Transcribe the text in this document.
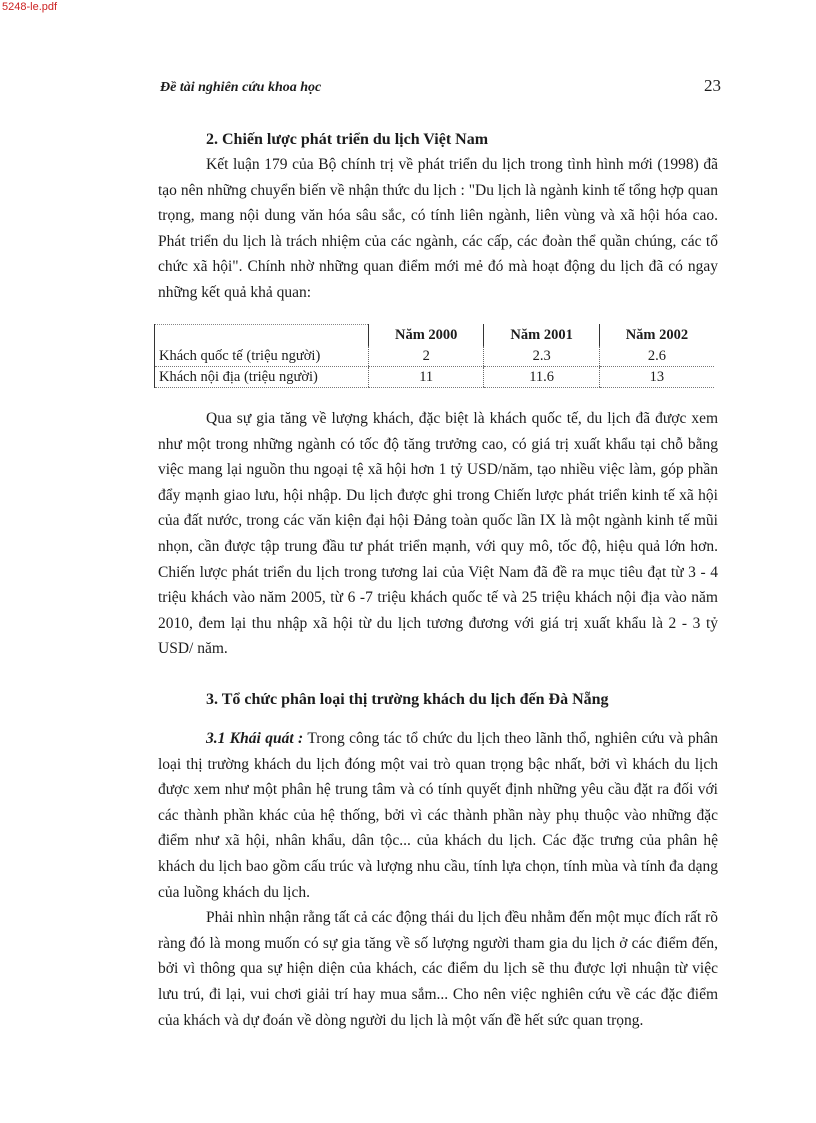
5248-le.pdf
Đề tài nghiên cứu khoa học	23
2. Chiến lược phát triển du lịch Việt Nam

Kết luận 179 của Bộ chính trị về phát triển du lịch trong tình hình mới (1998) đã tạo nên những chuyển biến về nhận thức du lịch : "Du lịch là ngành kinh tế tổng hợp quan trọng, mang nội dung văn hóa sâu sắc, có tính liên ngành, liên vùng và xã hội hóa cao. Phát triển du lịch là trách nhiệm của các ngành, các cấp, các đoàn thể quần chúng, các tổ chức xã hội". Chính nhờ những quan điểm mới mẻ đó mà hoạt động du lịch đã có ngay những kết quả khả quan:

	Năm 2000	Năm 2001	Năm 2002
Khách quốc tế (triệu người)	2	2.3	2.6
Khách nội địa (triệu người)	11	11.6	13

Qua sự gia tăng về lượng khách, đặc biệt là khách quốc tế, du lịch đã được xem như một trong những ngành có tốc độ tăng trưởng cao, có giá trị xuất khẩu tại chỗ bằng việc mang lại nguồn thu ngoại tệ xã hội hơn 1 tỷ USD/năm, tạo nhiều việc làm, góp phần đẩy mạnh giao lưu, hội nhập. Du lịch được ghi trong Chiến lược phát triển kinh tế xã hội của đất nước, trong các văn kiện đại hội Đảng toàn quốc lần IX là một ngành kinh tế mũi nhọn, cần được tập trung đầu tư phát triển mạnh, với quy mô, tốc độ, hiệu quả lớn hơn. Chiến lược phát triển du lịch trong tương lai của Việt Nam đã đề ra mục tiêu đạt từ 3 - 4 triệu khách vào năm 2005, từ 6 -7 triệu khách quốc tế và 25 triệu khách nội địa vào năm 2010, đem lại thu nhập xã hội từ du lịch tương đương với giá trị xuất khẩu là 2 - 3 tỷ USD/ năm.

3. Tổ chức phân loại thị trường khách du lịch đến Đà Nẵng

3.1 Khái quát : Trong công tác tổ chức du lịch theo lãnh thổ, nghiên cứu và phân loại thị trường khách du lịch đóng một vai trò quan trọng bậc nhất, bởi vì khách du lịch được xem như một phân hệ trung tâm và có tính quyết định những yêu cầu đặt ra đối với các thành phần khác của hệ thống, bởi vì các thành phần này phụ thuộc vào những đặc điểm như xã hội, nhân khẩu, dân tộc... của khách du lịch. Các đặc trưng của phân hệ khách du lịch bao gồm cấu trúc và lượng nhu cầu, tính lựa chọn, tính mùa và tính đa dạng của luồng khách du lịch.

Phải nhìn nhận rằng tất cả các động thái du lịch đều nhằm đến một mục đích rất rõ ràng đó là mong muốn có sự gia tăng về số lượng người tham gia du lịch ở các điểm đến, bởi vì thông qua sự hiện diện của khách, các điểm du lịch sẽ thu được lợi nhuận từ việc lưu trú, đi lại, vui chơi giải trí hay mua sắm... Cho nên việc nghiên cứu về các đặc điểm của khách và dự đoán về dòng người du lịch là một vấn đề hết sức quan trọng.
